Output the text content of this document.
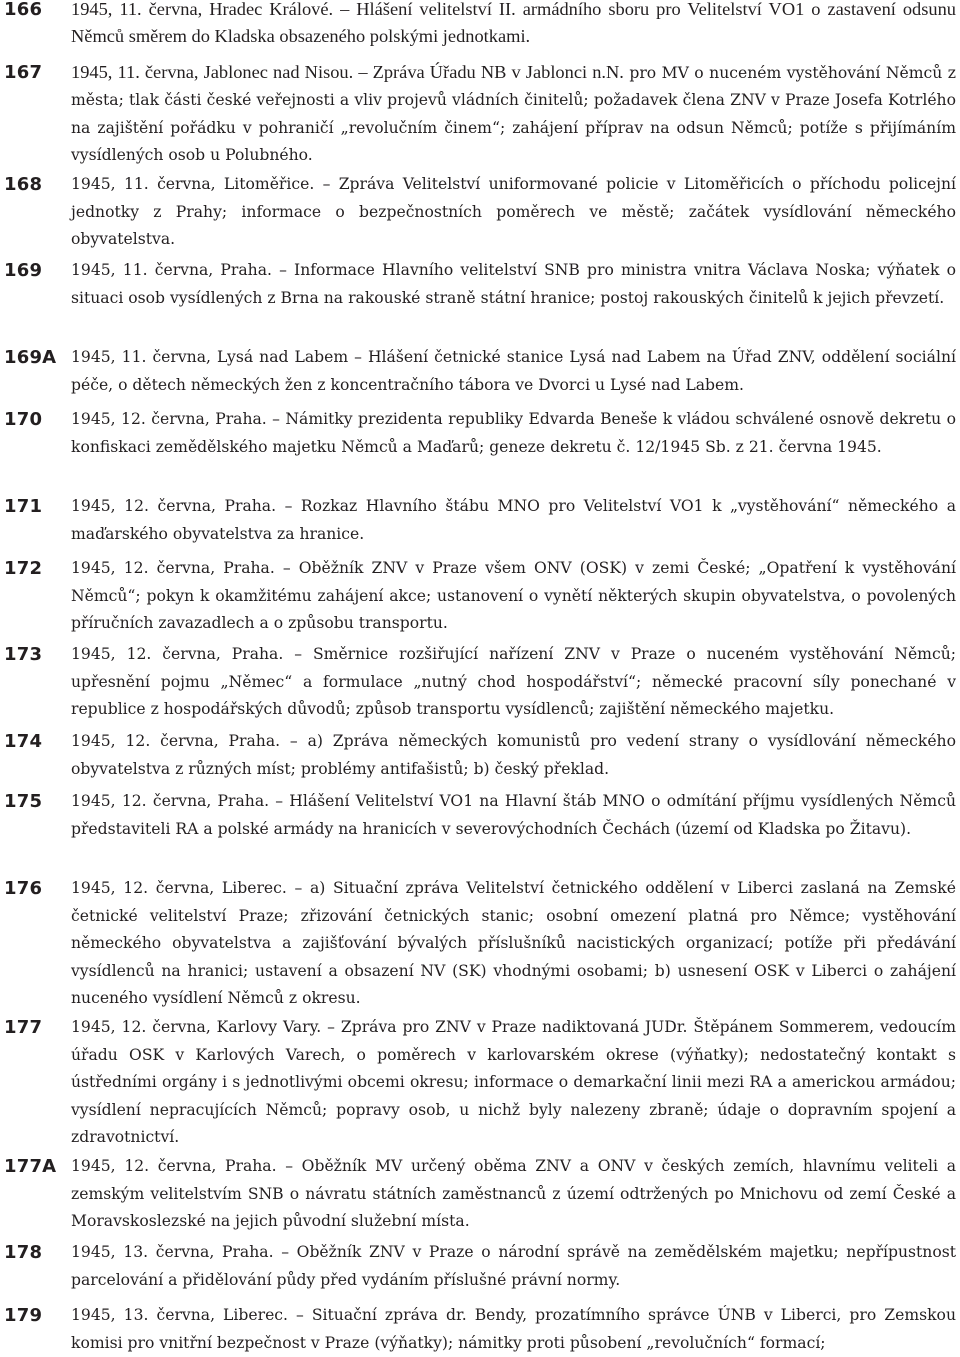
166 1945, 11. června, Hradec Králové. – Hlášení velitelství II. armádního sboru pro Velitelství VO1 o zastavení odsunu Němců směrem do Kladska obsazeného polskými jednotkami.

167 1945, 11. června, Jablonec nad Nisou. – Zpráva Úřadu NB v Jablonci n.N. pro MV o nuceném vystěhování Němců z města; tlak části české veřejnosti a vliv projevů vládních činitelů; požadavek člena ZNV v Praze Josefa Kotrlého na zajištění pořádku v pohraničí „revolučním činem“; zahájení příprav na odsun Němců; potíže s přijímáním vysídlených osob u Polubného.

168 1945, 11. června, Litoměřice. – Zpráva Velitelství uniformované policie v Litoměřicích o příchodu policejní jednotky z Prahy; informace o bezpečnostních poměrech ve městě; začátek vysídlování německého obyvatelstva.

169 1945, 11. června, Praha. – Informace Hlavního velitelství SNB pro ministra vnitra Václava Noska; výňatek o situaci osob vysídlených z Brna na rakouské straně státní hranice; postoj rakouských činitelů k jejich převzetí.

169A 1945, 11. června, Lysá nad Labem – Hlášení četnické stanice Lysá nad Labem na Úřad ZNV, oddělení sociální péče, o dětech německých žen z koncentračního tábora ve Dvorci u Lysé nad Labem.

170 1945, 12. června, Praha. – Námitky prezidenta republiky Edvarda Beneše k vládou schválené osnově dekretu o konfiskaci zemědělského majetku Němců a Maďarů; geneze dekretu č. 12/1945 Sb. z 21. června 1945.

171 1945, 12. června, Praha. – Rozkaz Hlavního štábu MNO pro Velitelství VO1 k „vystěhování“ německého a maďarského obyvatelstva za hranice.

172 1945, 12. června, Praha. – Oběžník ZNV v Praze všem ONV (OSK) v zemi České; „Opatření k vystěhování Němců“; pokyn k okamžitému zahájení akce; ustanovení o vynětí některých skupin obyvatelstva, o povolených příručních zavazadlech a o způsobu transportu.

173 1945, 12. června, Praha. – Směrnice rozšiřující nařízení ZNV v Praze o nuceném vystěhování Němců; upřesnění pojmu „Němec“ a formulace „nutný chod hospodářství“; německé pracovní síly ponechané v republice z hospodářských důvodů; způsob transportu vysídlenců; zajištění německého majetku.

174 1945, 12. června, Praha. – a) Zpráva německých komunistů pro vedení strany o vysídlování německého obyvatelstva z různých míst; problémy antifašistů; b) český překlad.

175 1945, 12. června, Praha. – Hlášení Velitelství VO1 na Hlavní štáb MNO o odmítání příjmu vysídlených Němců představiteli RA a polské armády na hranicích v severovýchodních Čechách (území od Kladska po Žitavu).

176 1945, 12. června, Liberec. – a) Situační zpráva Velitelství četnického oddělení v Liberci zaslaná na Zemské četnické velitelství Praze; zřizování četnických stanic; osobní omezení platná pro Němce; vystěhování německého obyvatelstva a zajišťování bývalých příslušníků nacistických organizací; potíže při předávání vysídlenců na hranici; ustavení a obsazení NV (SK) vhodnými osobami; b) usnesení OSK v Liberci o zahájení nuceného vysídlení Němců z okresu.

177 1945, 12. června, Karlovy Vary. – Zpráva pro ZNV v Praze nadiktovaná JUDr. Štěpánem Sommerem, vedoucím úřadu OSK v Karlových Varech, o poměrech v karlovarském okrese (výňatky); nedostatečný kontakt s ústředními orgány i s jednotlivými obcemi okresu; informace o demarkační linii mezi RA a americkou armádou; vysídlení nepracujících Němců; popravy osob, u nichž byly nalezeny zbraně; údaje o dopravním spojení a zdravotnictví.

177A 1945, 12. června, Praha. – Oběžník MV určený oběma ZNV a ONV v českých zemích, hlavnímu veliteli a zemským velitelstvím SNB o návratu státních zaměstnanců z území odtržených po Mnichovu od zemí České a Moravskoslezské na jejich původní služební místa.

178 1945, 13. června, Praha. – Oběžník ZNV v Praze o národní správě na zemědělském majetku; nepřípustnost parcelování a přidělování půdy před vydáním příslušné právní normy.

179 1945, 13. června, Liberec. – Situační zpráva dr. Bendy, prozatímního správce ÚNB v Liberci, pro Zemskou komisi pro vnitřní bezpečnost v Praze (výňatky); námitky proti působení „revolučních“ formací;
